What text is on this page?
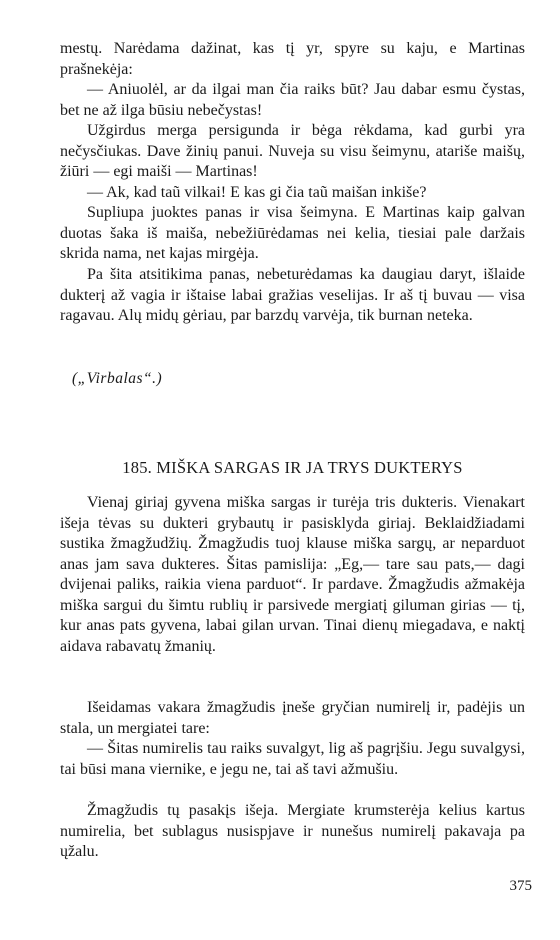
mestų. Narėdama dažinat, kas tį yr, spyre su kaju, e Martinas prašnekėja:

— Aniuolėl, ar da ilgai man čia raiks būt? Jau dabar esmu čystas, bet ne až ilga būsiu nebečystas!

Užgirdus merga persigunda ir bėga rėkdama, kad gurbi yra nečysčiukas. Dave žinių panui. Nuveja su visu šeimynu, atariše maišų, žiūri — egi maiši — Martinas!

— Ak, kad taũ vilkai! E kas gi čia taũ maišan inkiše?

Supliupa juoktes panas ir visa šeimyna. E Martinas kaip galvan duotas šaka iš maiša, nebežiūrėdamas nei kelia, tiesiai pale daržais skrida nama, net kajas mirgėja.

Pa šita atsitikima panas, nebeturėdamas ka daugiau daryt, išlaide dukterį až vagia ir ištaise labai gražias veselijas. Ir aš tį buvau — visa ragavau. Alų midų gėriau, par barzdų varvėja, tik burnan neteka.

(„Virbalas“.)

185. MIŠKA SARGAS IR JA TRYS DUKTERYS

Vienaj giriaj gyvena miška sargas ir turėja tris dukteris. Vienakart išeja tėvas su dukteri grybautų ir pasisklyda giriaj. Beklaidžiadami sustika žmagžudžių. Žmagžudis tuoj klause miška sargų, ar neparduot anas jam sava dukteres. Šitas pamislija: „Eg,— tare sau pats,— dagi dvijenai paliks, raikia viena parduot“. Ir pardave. Žmagžudis ažmakėja miška sargui du šimtu rublių ir parsivede mergiatį giluman girias — tį, kur anas pats gyvena, labai gilan urvan. Tinai dienų miegadava, e naktį aidava rabavatų žmanių.

Išeidamas vakara žmagžudis įneše gryčian numirelį ir, padėjis un stala, un mergiatei tare:

— Šitas numirelis tau raiks suvalgyt, lig aš pagrįšiu. Jegu suvalgysi, tai būsi mana viernike, e jegu ne, tai aš tavi ažmušiu.

Žmagžudis tų pasakįs išeja. Mergiate krumsterėja kelius kartus numirelia, bet sublagus nusispjave ir nunešus numirelį pakavaja pa ųžalu.

375
